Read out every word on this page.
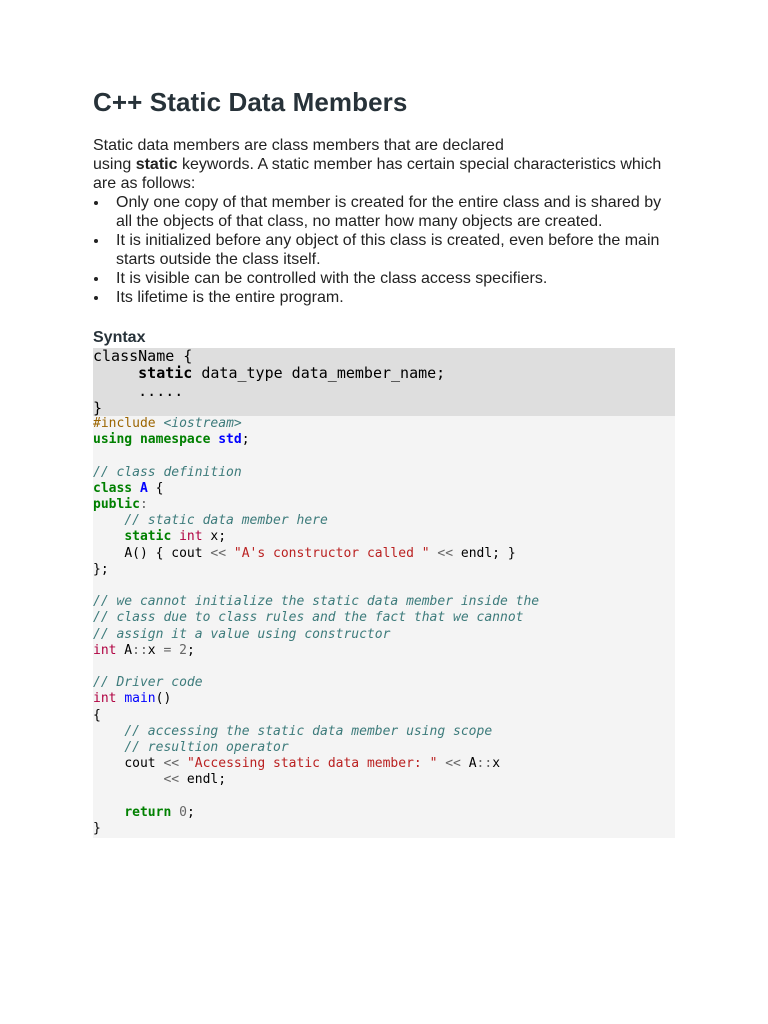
C++ Static Data Members

Static data members are class members that are declared
using static keywords. A static member has certain special characteristics which are as follows:

Only one copy of that member is created for the entire class and is shared by all the objects of that class, no matter how many objects are created.
It is initialized before any object of this class is created, even before the main starts outside the class itself.
It is visible can be controlled with the class access specifiers.
Its lifetime is the entire program.
Syntax
className {
static data_type data_member_name;
.....
}
#include <iostream>
using namespace std;

// class definition
class A {
public:
// static data member here
static int x;
A() { cout << "A's constructor called " << endl; }
};

// we cannot initialize the static data member inside the
// class due to class rules and the fact that we cannot
// assign it a value using constructor
int A::x = 2;

// Driver code
int main()
{
// accessing the static data member using scope
// resultion operator
cout << "Accessing static data member: " << A::x
<< endl;

return 0;
}
